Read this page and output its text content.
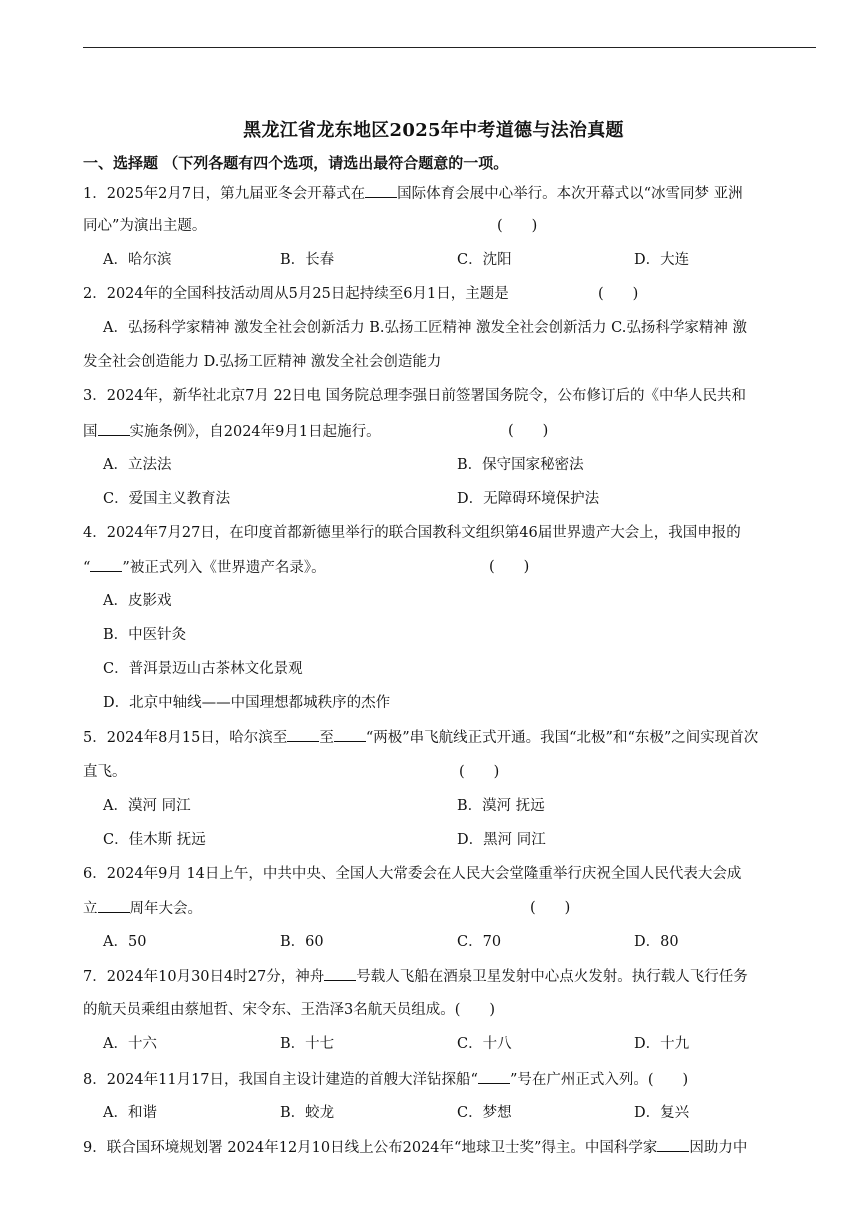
黑龙江省龙东地区2025年中考道德与法治真题
一、选择题 （下列各题有四个选项，请选出最符合题意的一项。
1．2025年2月7日，第九届亚冬会开幕式在 国际体育会展中心举行。本次开幕式以“冰雪同梦 亚洲
同心”为演出主题。	(　　)
A．哈尔滨	B．长春	C．沈阳	D．大连
2．2024年的全国科技活动周从5月25日起持续至6月1日，主题是	(　　)
A．弘扬科学家精神 激发全社会创新活力 B.弘扬工匠精神 激发全社会创新活力 C.弘扬科学家精神 激
发全社会创造能力 D.弘扬工匠精神 激发全社会创造能力
3．2024年，新华社北京7月 22日电 国务院总理李强日前签署国务院令，公布修订后的《中华人民共和
国 实施条例》，自2024年9月1日起施行。	(　　)
A．立法法	B．保守国家秘密法
C．爱国主义教育法	D．无障碍环境保护法
4．2024年7月27日，在印度首都新德里举行的联合国教科文组织第46届世界遗产大会上，我国申报的
“ ”被正式列入《世界遗产名录》。	(　　)
A．皮影戏
B．中医针灸
C．普洱景迈山古茶林文化景观
D．北京中轴线——中国理想都城秩序的杰作
5．2024年8月15日，哈尔滨至 至 “两极”串飞航线正式开通。我国“北极”和“东极”之间实现首次
直飞。	(　　)
A．漠河 同江	B．漠河 抚远
C．佳木斯 抚远	D．黑河 同江
6．2024年9月 14日上午，中共中央、全国人大常委会在人民大会堂隆重举行庆祝全国人民代表大会成
立 周年大会。	(　　)
A．50	B．60	C．70	D．80
7．2024年10月30日4时27分，神舟 号载人飞船在酒泉卫星发射中心点火发射。执行载人飞行任务
的航天员乘组由蔡旭哲、宋令东、王浩泽3名航天员组成。(　　)
A．十六	B．十七	C．十八	D．十九
8．2024年11月17日，我国自主设计建造的首艘大洋钻探船“ ”号在广州正式入列。(　　)
A．和谐	B．蛟龙	C．梦想	D．复兴
9．联合国环境规划署 2024年12月10日线上公布2024年“地球卫士奖”得主。中国科学家 因助力中
